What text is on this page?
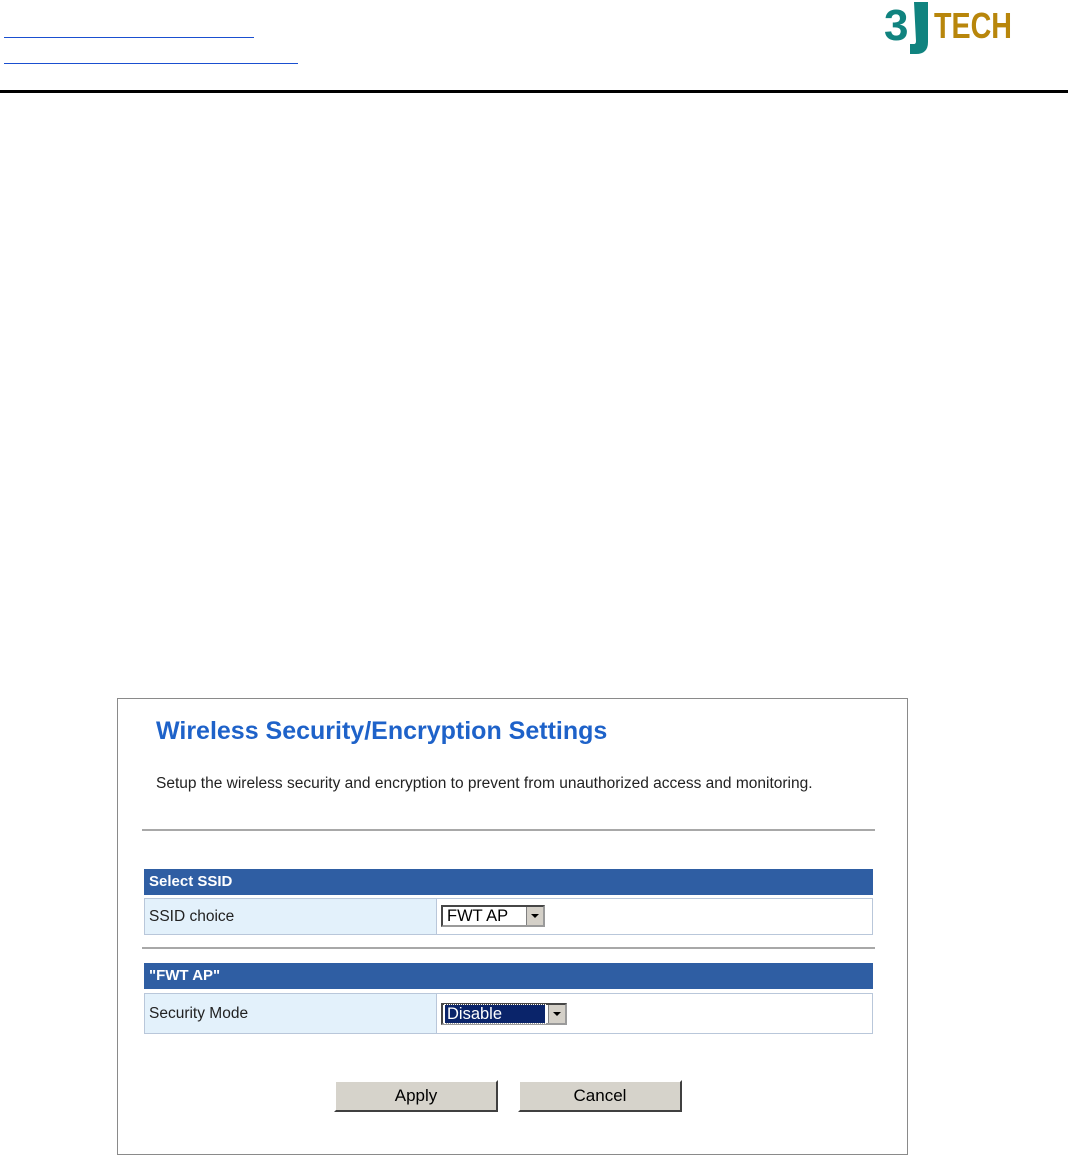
3 TECH
Wireless Security/Encryption Settings

Setup the wireless security and encryption to prevent from unauthorized access and monitoring.

Select SSID
SSID choice	FWT AP
"FWT AP"
Security Mode	Disable
Apply	Cancel
